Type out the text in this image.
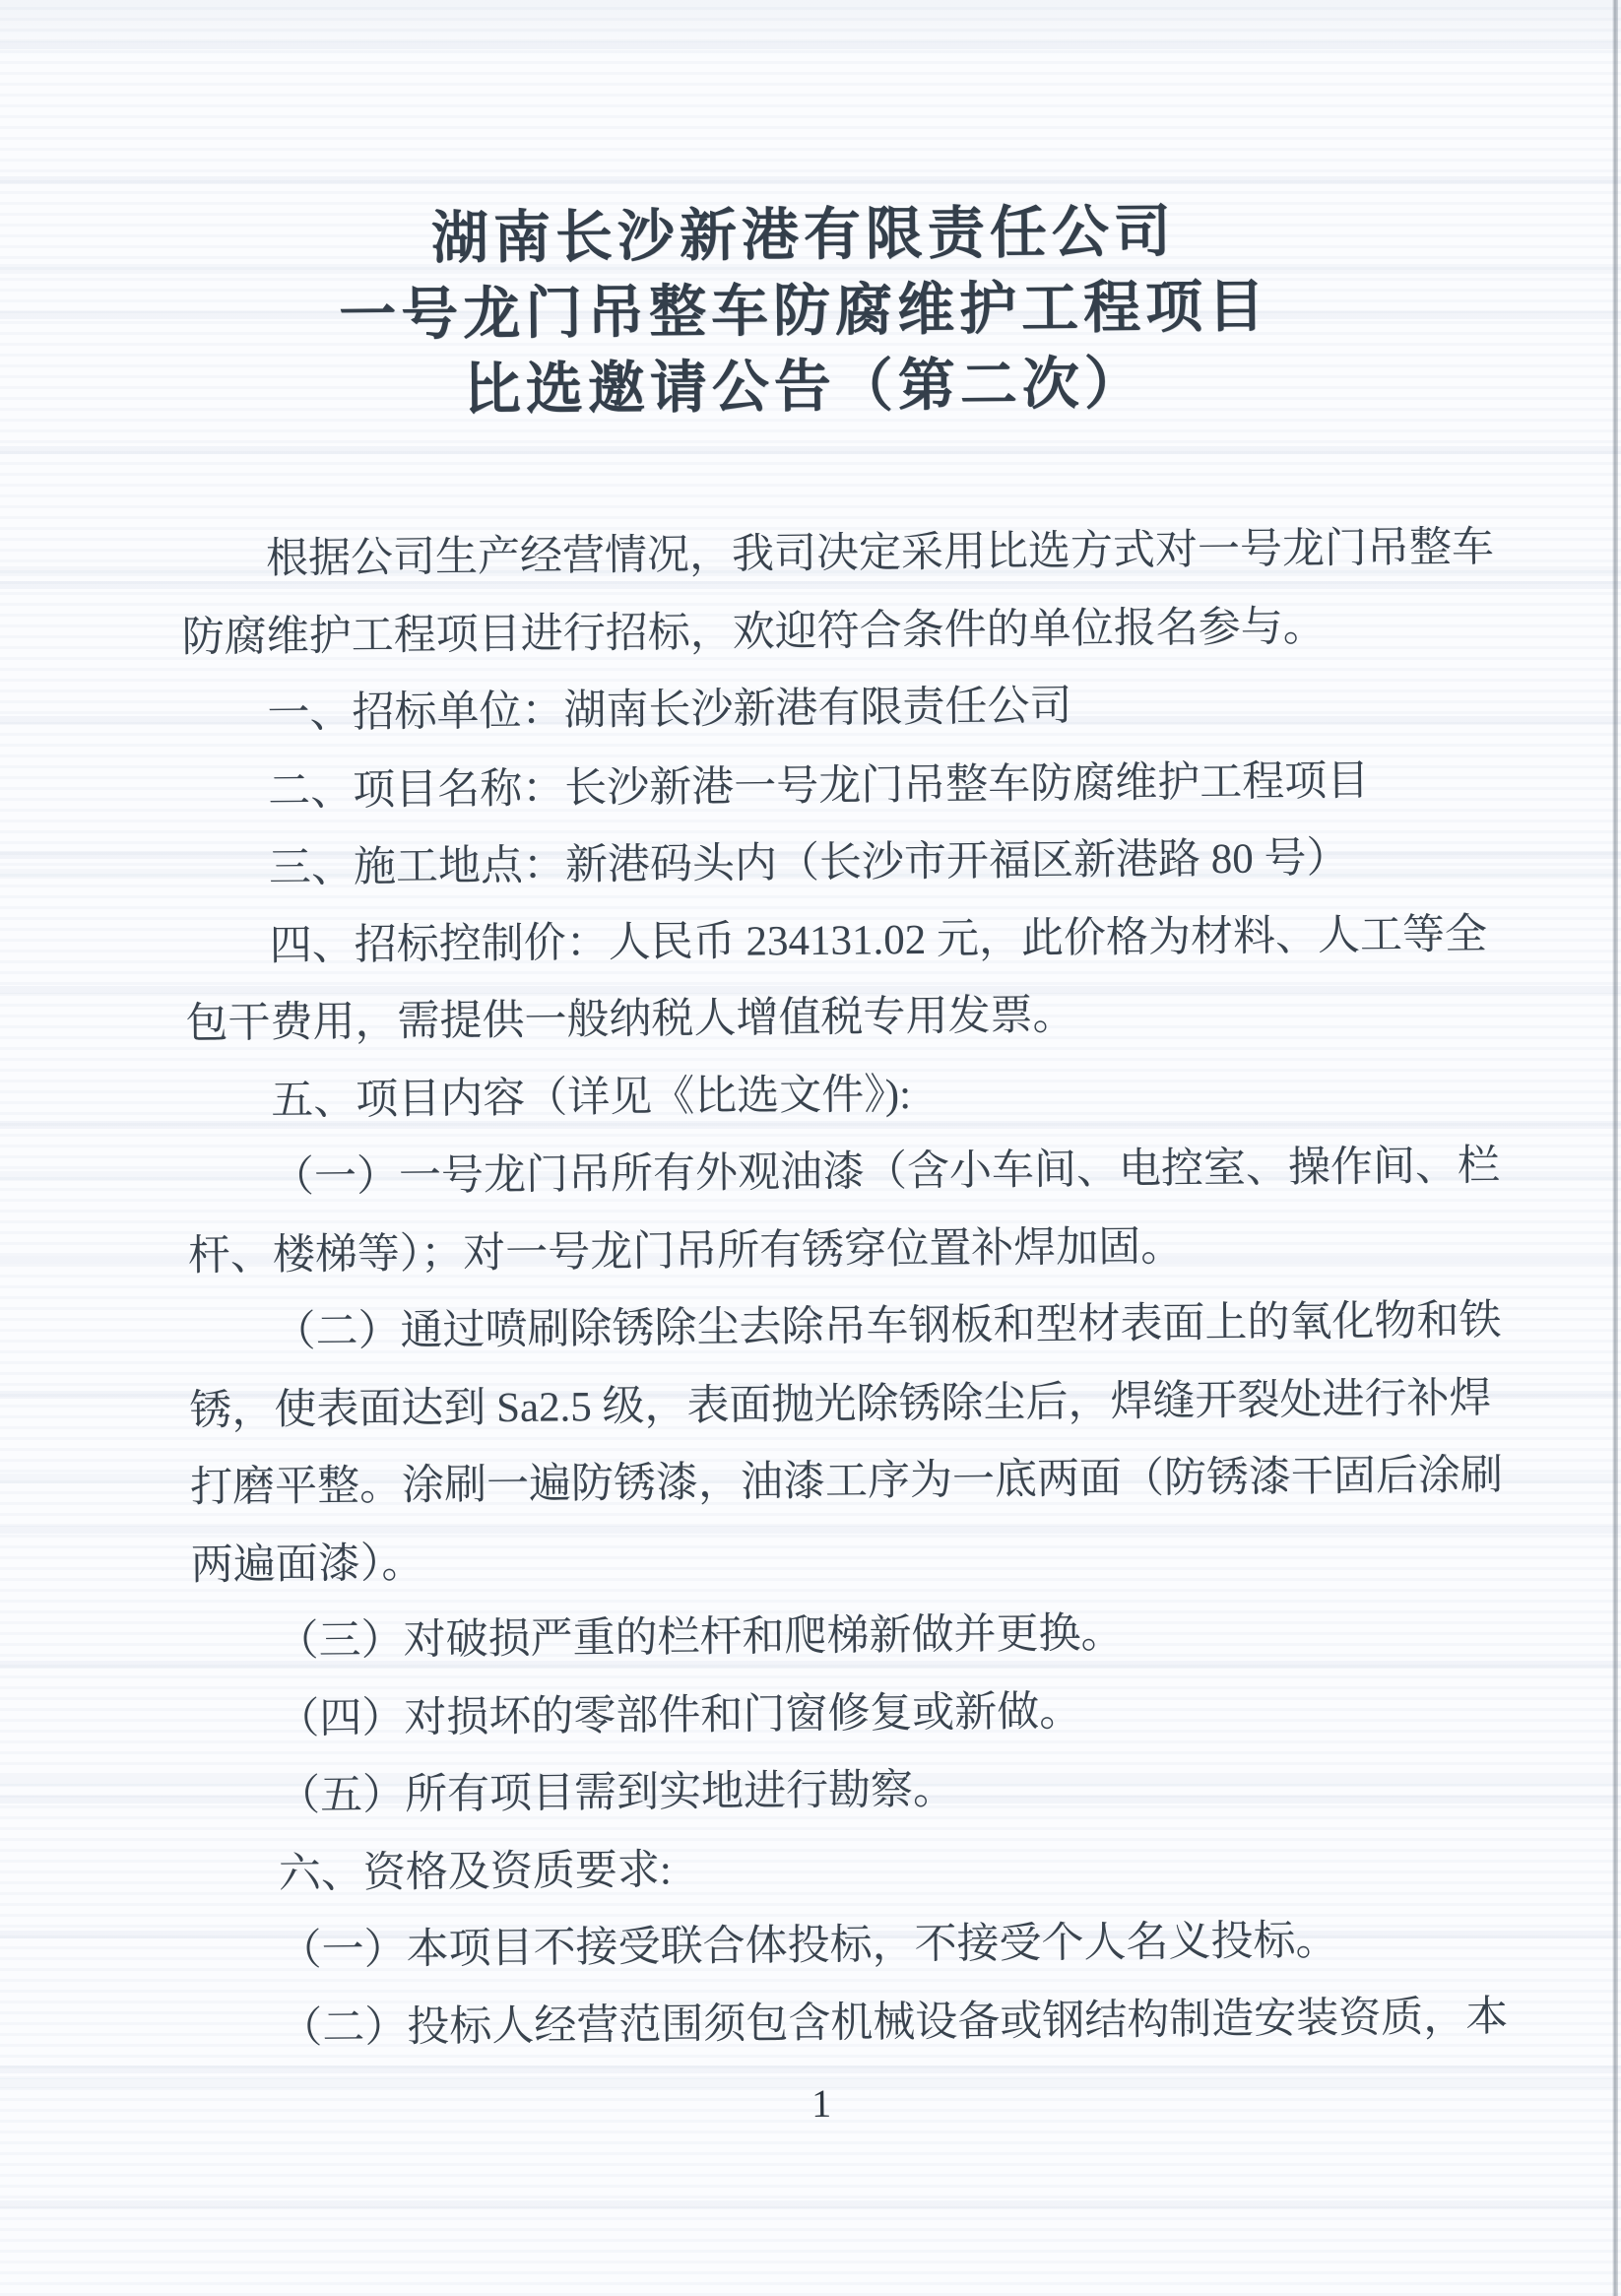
湖南长沙新港有限责任公司
一号龙门吊整车防腐维护工程项目
比选邀请公告（第二次）
根据公司生产经营情况，我司决定采用比选方式对一号龙门吊整车
防腐维护工程项目进行招标，欢迎符合条件的单位报名参与。
一、招标单位：湖南长沙新港有限责任公司
二、项目名称：长沙新港一号龙门吊整车防腐维护工程项目
三、施工地点：新港码头内（长沙市开福区新港路 80 号）
四、招标控制价：人民币 234131.02 元，此价格为材料、人工等全
包干费用，需提供一般纳税人增值税专用发票。
五、项目内容（详见《比选文件》):
（一）一号龙门吊所有外观油漆（含小车间、电控室、操作间、栏
杆、楼梯等）；对一号龙门吊所有锈穿位置补焊加固。
（二）通过喷刷除锈除尘去除吊车钢板和型材表面上的氧化物和铁
锈，使表面达到 Sa2.5 级，表面抛光除锈除尘后，焊缝开裂处进行补焊
打磨平整。涂刷一遍防锈漆，油漆工序为一底两面（防锈漆干固后涂刷
两遍面漆）。
（三）对破损严重的栏杆和爬梯新做并更换。
（四）对损坏的零部件和门窗修复或新做。
（五）所有项目需到实地进行勘察。
六、资格及资质要求:
（一）本项目不接受联合体投标，不接受个人名义投标。
（二）投标人经营范围须包含机械设备或钢结构制造安装资质，本
1
